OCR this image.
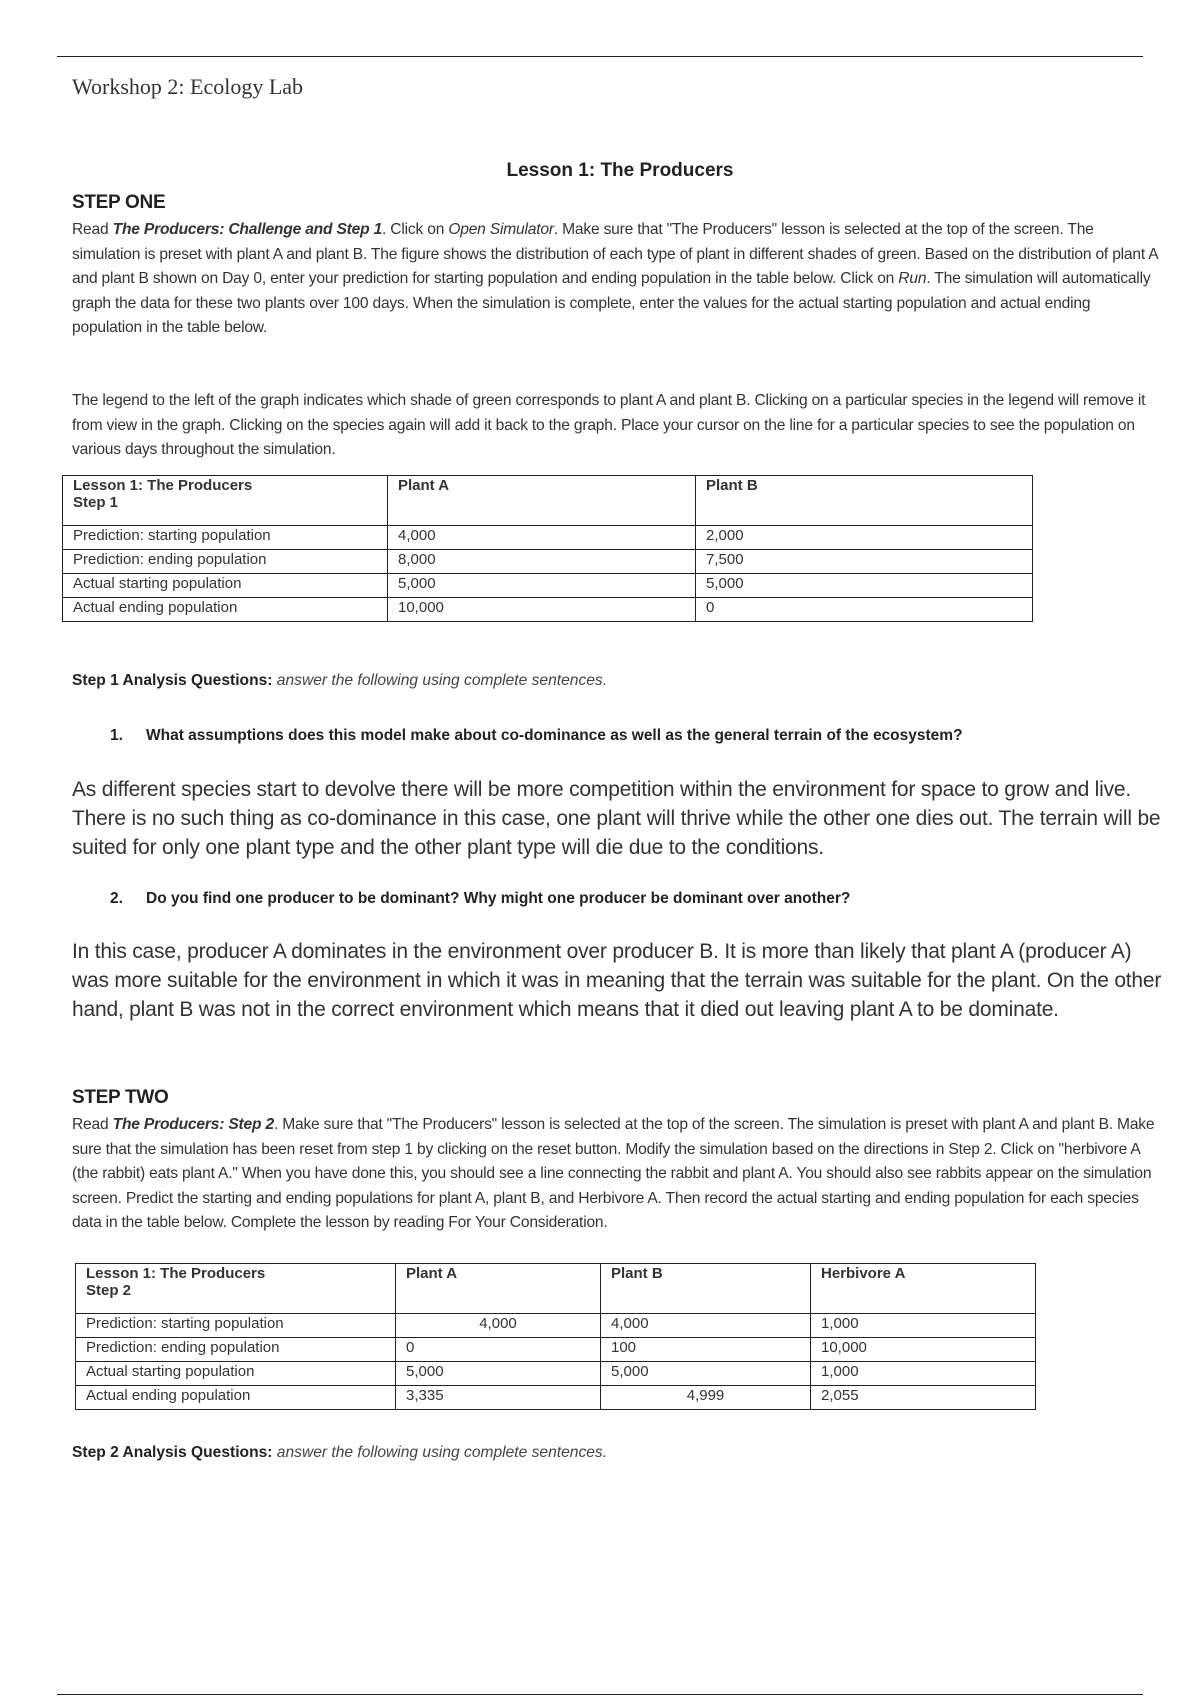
Workshop 2: Ecology Lab
Lesson 1: The Producers
STEP ONE
Read The Producers: Challenge and Step 1. Click on Open Simulator. Make sure that "The Producers" lesson is selected at the top of the screen. The simulation is preset with plant A and plant B. The figure shows the distribution of each type of plant in different shades of green. Based on the distribution of plant A and plant B shown on Day 0, enter your prediction for starting population and ending population in the table below. Click on Run. The simulation will automatically graph the data for these two plants over 100 days. When the simulation is complete, enter the values for the actual starting population and actual ending population in the table below.
The legend to the left of the graph indicates which shade of green corresponds to plant A and plant B. Clicking on a particular species in the legend will remove it from view in the graph. Clicking on the species again will add it back to the graph. Place your cursor on the line for a particular species to see the population on various days throughout the simulation.
Lesson 1: The Producers
Step 1	Plant A	Plant B
Prediction: starting population	4,000	2,000
Prediction: ending population	8,000	7,500
Actual starting population	5,000	5,000
Actual ending population	10,000	0
Step 1 Analysis Questions: answer the following using complete sentences.
1. What assumptions does this model make about co-dominance as well as the general terrain of the ecosystem?
As different species start to devolve there will be more competition within the environment for space to grow and live. There is no such thing as co-dominance in this case, one plant will thrive while the other one dies out. The terrain will be suited for only one plant type and the other plant type will die due to the conditions.
2. Do you find one producer to be dominant? Why might one producer be dominant over another?
In this case, producer A dominates in the environment over producer B. It is more than likely that plant A (producer A) was more suitable for the environment in which it was in meaning that the terrain was suitable for the plant. On the other hand, plant B was not in the correct environment which means that it died out leaving plant A to be dominate.
STEP TWO
Read The Producers: Step 2. Make sure that "The Producers" lesson is selected at the top of the screen. The simulation is preset with plant A and plant B. Make sure that the simulation has been reset from step 1 by clicking on the reset button. Modify the simulation based on the directions in Step 2. Click on "herbivore A (the rabbit) eats plant A." When you have done this, you should see a line connecting the rabbit and plant A. You should also see rabbits appear on the simulation screen. Predict the starting and ending populations for plant A, plant B, and Herbivore A. Then record the actual starting and ending population for each species data in the table below. Complete the lesson by reading For Your Consideration.
Lesson 1: The Producers
Step 2	Plant A	Plant B	Herbivore A
Prediction: starting population	4,000	4,000	1,000
Prediction: ending population	0	100	10,000
Actual starting population	5,000	5,000	1,000
Actual ending population	3,335	4,999	2,055
Step 2 Analysis Questions: answer the following using complete sentences.
